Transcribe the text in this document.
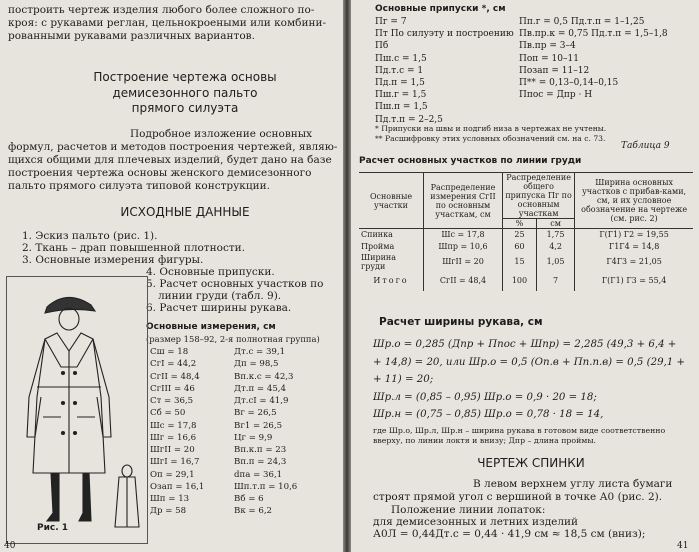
построить чертеж изделия любого более сложного по-
кроя: с рукавами реглан, цельнокроеными или комбини-
рованными рукавами различных вариантов.
Построение чертежа основы
демисезонного пальто
прямого силуэта
Подробное изложение основных
формул, расчетов и методов построения чертежей, являю-
щихся общими для плечевых изделий, будет дано на базе
построения чертежа основы женского демисезонного
пальто прямого силуэта типовой конструкции.
ИСХОДНЫЕ ДАННЫЕ
1. Эскиз пальто (рис. 1).
2. Ткань – драп повышенной плотности.
3. Основные измерения фигуры.
4. Основные припуски.
5. Расчет основных участков по
линии груди (табл. 9).
6. Расчет ширины рукава.
Основные измерения, см
(размер 158–92, 2-я полнотная группа)
Сш = 18	Дт.с = 39,1
СгI = 44,2	Дп = 98,5
СгII = 48,4	Вп.к.с = 42,3
СгIII = 46	Дт.п = 45,4
Ст = 36,5	Дт.сI = 41,9
Сб = 50	Вг = 26,5
Шс = 17,8	Вг1 = 26,5
Шг = 16,6	Цг = 9,9
ШгII = 20	Вп.к.п = 23
ШгI = 16,7	Вп.п = 24,3
Оп = 29,1	dпа = 36,1
Озап = 16,1	Шп.т.п = 10,6
Шп = 13	Вб = 6
Др = 58	Вк = 6,2
Рис. 1
40
Основные припуски *, см
Пг = 7
Пт По силуэту и построению
Пб
Пш.с = 1,5
Пд.т.с = 1
Пд.п = 1,5
Пш.г = 1,5
Пш.п = 1,5
Пд.т.п = 2–2,5
Пп.г = 0,5 Пд.т.п = 1–1,25
Пв.пр.к = 0,75 Пд.т.п = 1,5–1,8
Пв.пр = 3–4
Поп = 10–11
Позап = 11–12
П** = 0,13–0,14–0,15
Ппос = Дпр · Н
* Припуски на швы и подгиб низа в чертежах не учтены.
** Расшифровку этих условных обозначений см. на с. 73.
Таблица 9
Расчет основных участков по линии груди
Основные участки	Распределение измерения СгII по основным участкам, см	Распределение общего припуска Пг по основным участкам		Ширина основных участков с прибав-ками, см, и их условное обозначение на чертеже (см. рис. 2)
		%	см	
Спинка	Шс = 17,8	25	1,75	Г(Г1) Г2 = 19,55
Пройма	Шпр = 10,6	60	4,2	Г1Г4 = 14,8
Ширина груди	ШгII = 20	15	1,05	Г4Г3 = 21,05
Итого	СгII = 48,4	100	7	Г(Г1) Г3 = 55,4
Расчет ширины рукава, см
Шр.о = 0,285 (Дпр + Ппос + Шпр) = 2,285 (49,3 + 6,4 +
+ 14,8) = 20, или Шр.о = 0,5 (Оп.в + Пп.п.в) = 0,5 (29,1 +
+ 11) = 20;
Шр.л = (0,85 – 0,95) Шр.о = 0,9 · 20 = 18;
Шр.н = (0,75 – 0,85) Шр.о = 0,78 · 18 = 14,
где Шр.о, Шр.л, Шр.н – ширина рукава в готовом виде соответственно
вверху, по линии локтя и внизу; Дпр – длина проймы.
ЧЕРТЕЖ СПИНКИ
В левом верхнем углу листа бумаги
строят прямой угол с вершиной в точке А0 (рис. 2).
Положение линии лопаток:
для демисезонных и летних изделий
А0Л = 0,44Дт.с = 0,44 · 41,9 см ≈ 18,5 см (вниз);
41
